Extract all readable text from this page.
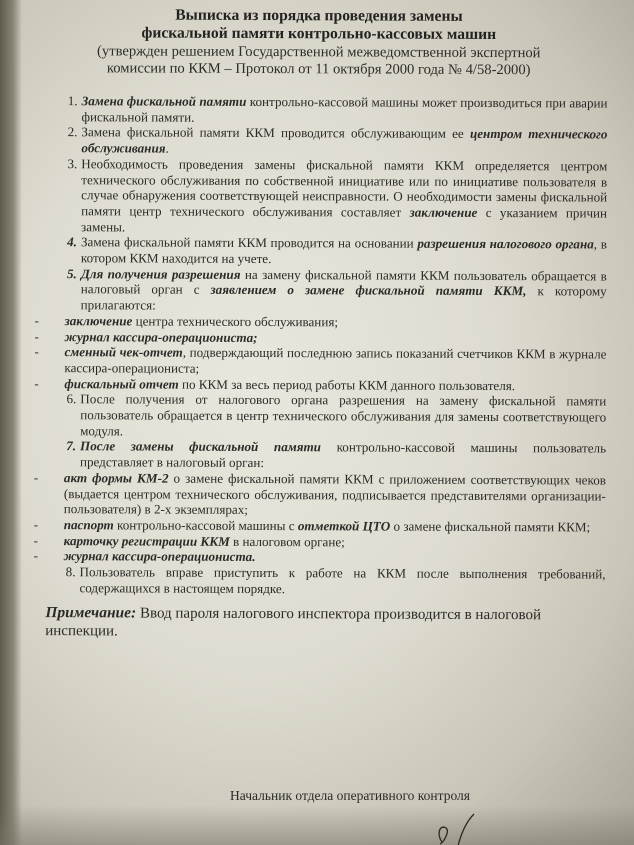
Выписка из порядка проведения замены
фискальной памяти контрольно-кассовых машин
(утвержден решением Государственной межведомственной экспертной
комиссии по ККМ – Протокол от 11 октября 2000 года № 4/58-2000)
1. Замена фискальной памяти контрольно-кассовой машины может производиться при аварии фискальной памяти.
2. Замена фискальной памяти ККМ проводится обслуживающим ее центром технического обслуживания.
3. Необходимость проведения замены фискальной памяти ККМ определяется центром технического обслуживания по собственной инициативе или по инициативе пользователя в случае обнаружения соответствующей неисправности. О необходимости замены фискальной памяти центр технического обслуживания составляет заключение с указанием причин замены.
4. Замена фискальной памяти ККМ проводится на основании разрешения налогового органа, в котором ККМ находится на учете.
5. Для получения разрешения на замену фискальной памяти ККМ пользователь обращается в налоговый орган с заявлением о замене фискальной памяти ККМ, к которому прилагаются:
- заключение центра технического обслуживания;
- журнал кассира-операциониста;
- сменный чек-отчет, подверждающий последнюю запись показаний счетчиков ККМ в журнале кассира-операциониста;
- фискальный отчет по ККМ за весь период работы ККМ данного пользователя.
6. После получения от налогового органа разрешения на замену фискальной памяти пользователь обращается в центр технического обслуживания для замены соответствующего модуля.
7. После замены фискальной памяти контрольно-кассовой машины пользователь представляет в налоговый орган:
- акт формы КМ-2 о замене фискальной памяти ККМ с приложением соответствующих чеков (выдается центром технического обслуживания, подписывается представителями организации-пользователя) в 2-х экземплярах;
- паспорт контрольно-кассовой машины с отметкой ЦТО о замене фискальной памяти ККМ;
- карточку регистрации ККМ в налоговом органе;
- журнал кассира-операциониста.
8. Пользователь вправе приступить к работе на ККМ после выполнения требований, содержащихся в настоящем порядке.
Примечание: Ввод пароля налогового инспектора производится в налоговой инспекции.
Начальник отдела оперативного контроля
